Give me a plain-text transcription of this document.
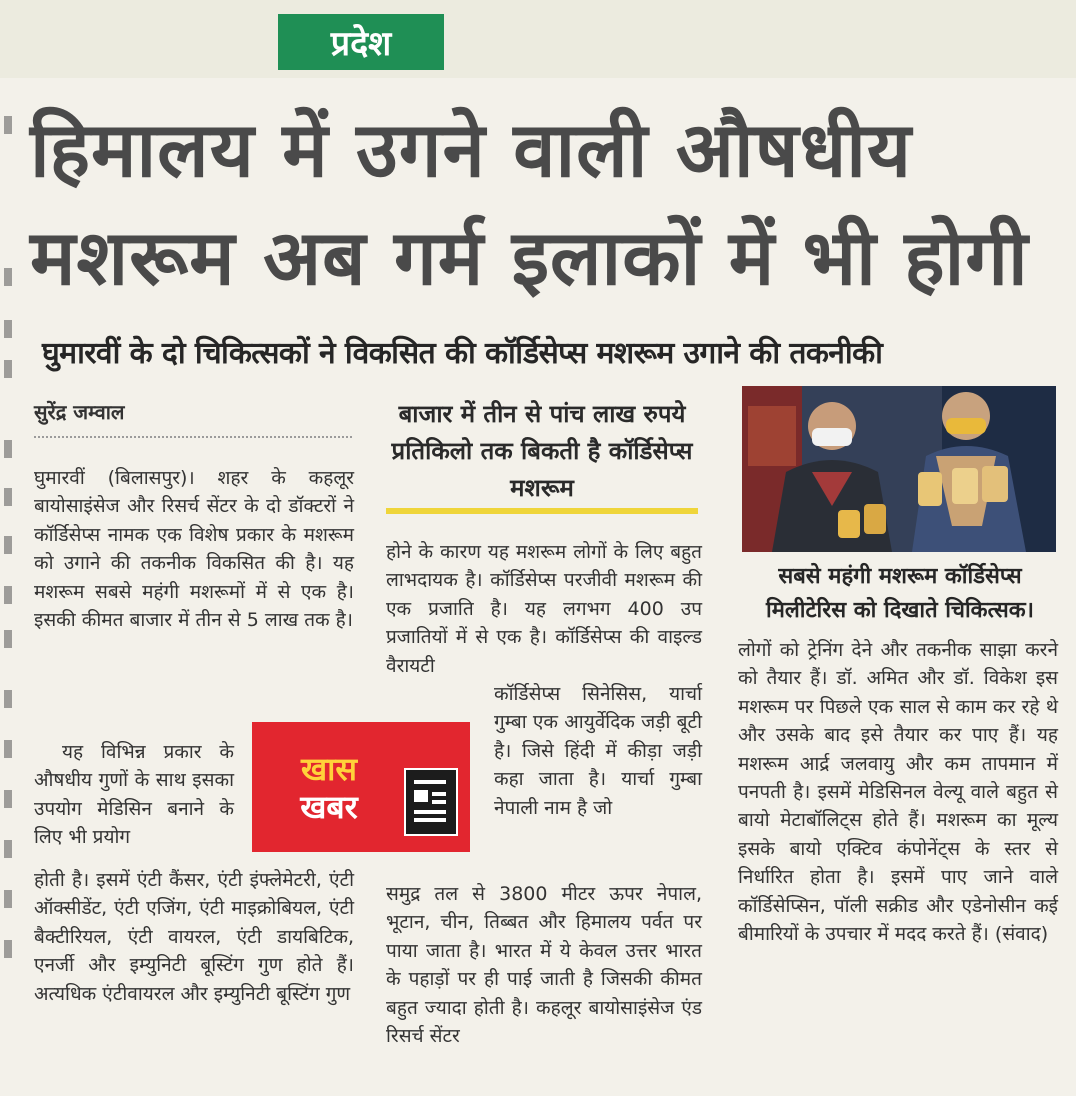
प्रदेश
हिमालय में उगने वाली औषधीय
मशरूम अब गर्म इलाकों में भी होगी
घुमारवीं के दो चिकित्सकों ने विकसित की कॉर्डिसेप्स मशरूम उगाने की तकनीकी
सुरेंद्र जम्वाल

घुमारवीं (बिलासपुर)। शहर के कहलूर बायोसाइंसेज और रिसर्च सेंटर के दो डॉक्टरों ने कॉर्डिसेप्स नामक एक विशेष प्रकार के मशरूम को उगाने की तकनीक विकसित की है। यह मशरूम सबसे महंगी मशरूमों में से एक है। इसकी कीमत बाजार में तीन से 5 लाख तक है।

यह विभिन्न प्रकार के औषधीय गुणों के साथ इसका उपयोग मेडिसिन बनाने के लिए भी प्रयोग

होती है। इसमें एंटी कैंसर, एंटी इंफ्लेमेटरी, एंटी ऑक्सीडेंट, एंटी एजिंग, एंटी माइक्रोबियल, एंटी बैक्टीरियल, एंटी वायरल, एंटी डायबिटिक, एनर्जी और इम्युनिटी बूस्टिंग गुण होते हैं। अत्यधिक एंटीवायरल और इम्युनिटी बूस्टिंग गुण

बाजार में तीन से पांच लाख रुपये प्रतिकिलो तक बिकती है कॉर्डिसेप्स मशरूम

होने के कारण यह मशरूम लोगों के लिए बहुत लाभदायक है। कॉर्डिसेप्स परजीवी मशरूम की एक प्रजाति है। यह लगभग 400 उप प्रजातियों में से एक है। कॉर्डिसेप्स की वाइल्ड वैरायटी

कॉर्डिसेप्स सिनेसिस, यार्चा गुम्बा एक आयुर्वेदिक जड़ी बूटी है। जिसे हिंदी में कीड़ा जड़ी कहा जाता है। यार्चा गुम्बा नेपाली नाम है जो

समुद्र तल से 3800 मीटर ऊपर नेपाल, भूटान, चीन, तिब्बत और हिमालय पर्वत पर पाया जाता है। भारत में ये केवल उत्तर भारत के पहाड़ों पर ही पाई जाती है जिसकी कीमत बहुत ज्यादा होती है। कहलूर बायोसाइंसेज एंड रिसर्च सेंटर

खास
खबर
सबसे महंगी मशरूम कॉर्डिसेप्स मिलीटेरिस को दिखाते चिकित्सक।

लोगों को ट्रेनिंग देने और तकनीक साझा करने को तैयार हैं। डॉ. अमित और डॉ. विकेश इस मशरूम पर पिछले एक साल से काम कर रहे थे और उसके बाद इसे तैयार कर पाए हैं। यह मशरूम आर्द्र जलवायु और कम तापमान में पनपती है। इसमें मेडिसिनल वेल्यू वाले बहुत से बायो मेटाबॉलिट्स होते हैं। मशरूम का मूल्य इसके बायो एक्टिव कंपोनेंट्स के स्तर से निर्धारित होता है। इसमें पाए जाने वाले कॉर्डिसेप्सिन, पॉली सक्रीड और एडेनोसीन कई बीमारियों के उपचार में मदद करते हैं। (संवाद)
